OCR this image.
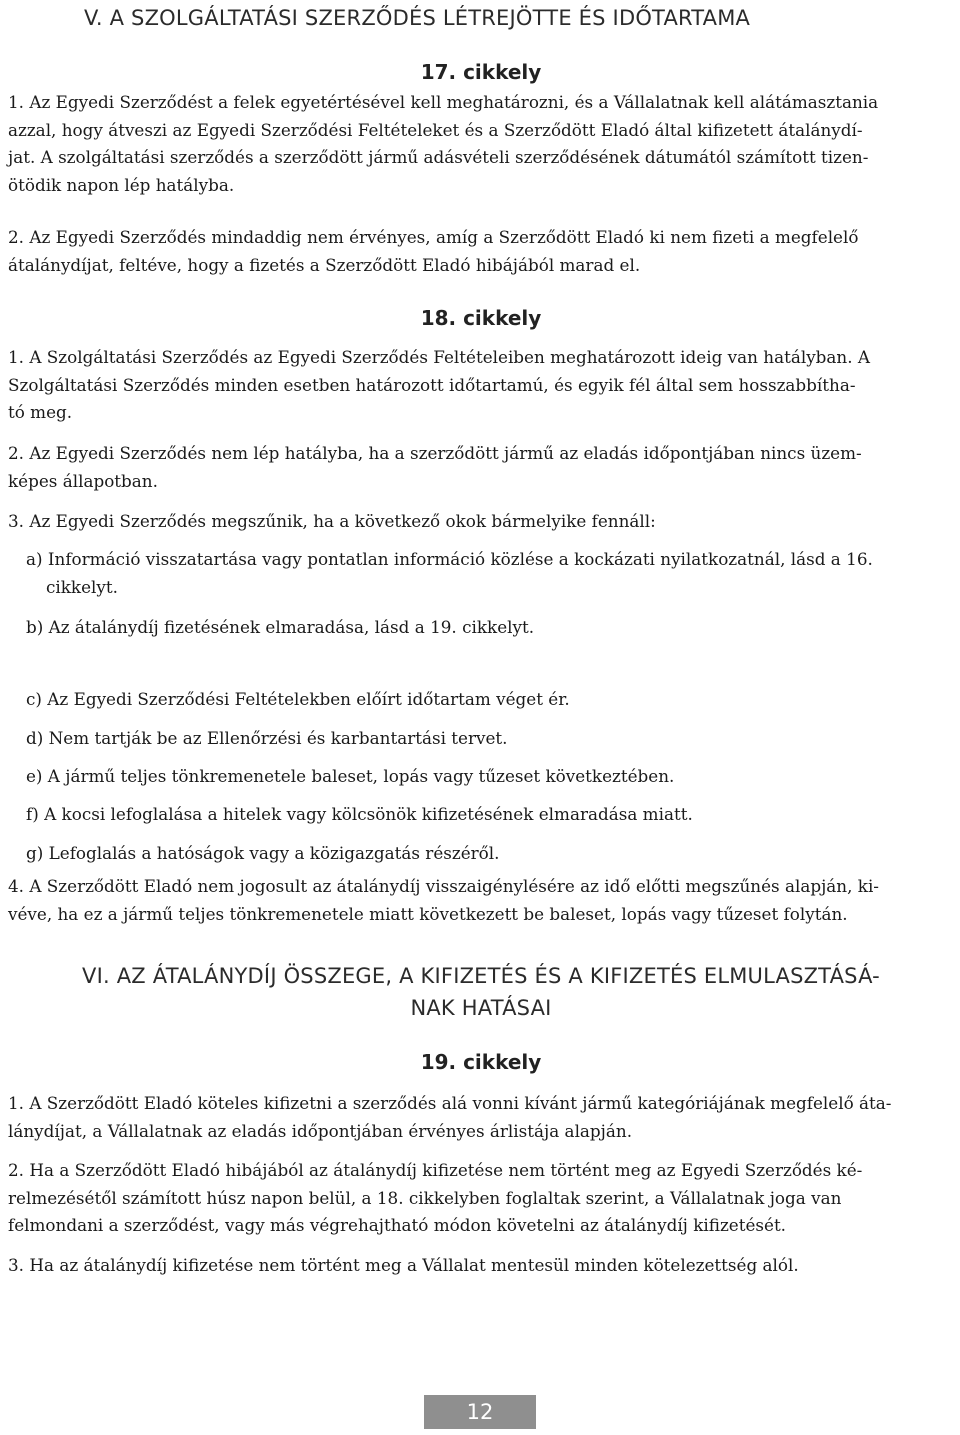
V. A SZOLGÁLTATÁSI SZERZŐDÉS LÉTREJÖTTE ÉS IDŐTARTAMA
17. cikkely

1. Az Egyedi Szerződést a felek egyetértésével kell meghatározni, és a Vállalatnak kell alátámasztania
azzal, hogy átveszi az Egyedi Szerződési Feltételeket és a Szerződött Eladó által kifizetett átalánydí-
jat. A szolgáltatási szerződés a szerződött jármű adásvételi szerződésének dátumától számított tizen-
ötödik napon lép hatályba.

2. Az Egyedi Szerződés mindaddig nem érvényes, amíg a Szerződött Eladó ki nem fizeti a megfelelő
átalánydíjat, feltéve, hogy a fizetés a Szerződött Eladó hibájából marad el.

18. cikkely

1. A Szolgáltatási Szerződés az Egyedi Szerződés Feltételeiben meghatározott ideig van hatályban. A
Szolgáltatási Szerződés minden esetben határozott időtartamú, és egyik fél által sem hosszabbítha-
tó meg.

2. Az Egyedi Szerződés nem lép hatályba, ha a szerződött jármű az eladás időpontjában nincs üzem-
képes állapotban.

3. Az Egyedi Szerződés megszűnik, ha a következő okok bármelyike fennáll:

a) Információ visszatartása vagy pontatlan információ közlése a kockázati nyilatkozatnál, lásd a 16.
cikkelyt.

b) Az átalánydíj fizetésének elmaradása, lásd a 19. cikkelyt.

c) Az Egyedi Szerződési Feltételekben előírt időtartam véget ér.

d) Nem tartják be az Ellenőrzési és karbantartási tervet.

e) A jármű teljes tönkremenetele baleset, lopás vagy tűzeset következtében.

f) A kocsi lefoglalása a hitelek vagy kölcsönök kifizetésének elmaradása miatt.

g) Lefoglalás a hatóságok vagy a közigazgatás részéről.

4. A Szerződött Eladó nem jogosult az átalánydíj visszaigénylésére az idő előtti megszűnés alapján, ki-
véve, ha ez a jármű teljes tönkremenetele miatt következett be baleset, lopás vagy tűzeset folytán.

VI. AZ ÁTALÁNYDÍJ ÖSSZEGE, A KIFIZETÉS ÉS A KIFIZETÉS ELMULASZTÁSÁ-
NAK HATÁSAI
19. cikkely

1. A Szerződött Eladó köteles kifizetni a szerződés alá vonni kívánt jármű kategóriájának megfelelő áta-
lánydíjat, a Vállalatnak az eladás időpontjában érvényes árlistája alapján.

2. Ha a Szerződött Eladó hibájából az átalánydíj kifizetése nem történt meg az Egyedi Szerződés ké-
relmezésétől számított húsz napon belül, a 18. cikkelyben foglaltak szerint, a Vállalatnak joga van
felmondani a szerződést, vagy más végrehajtható módon követelni az átalánydíj kifizetését.

3. Ha az átalánydíj kifizetése nem történt meg a Vállalat mentesül minden kötelezettség alól.

12
